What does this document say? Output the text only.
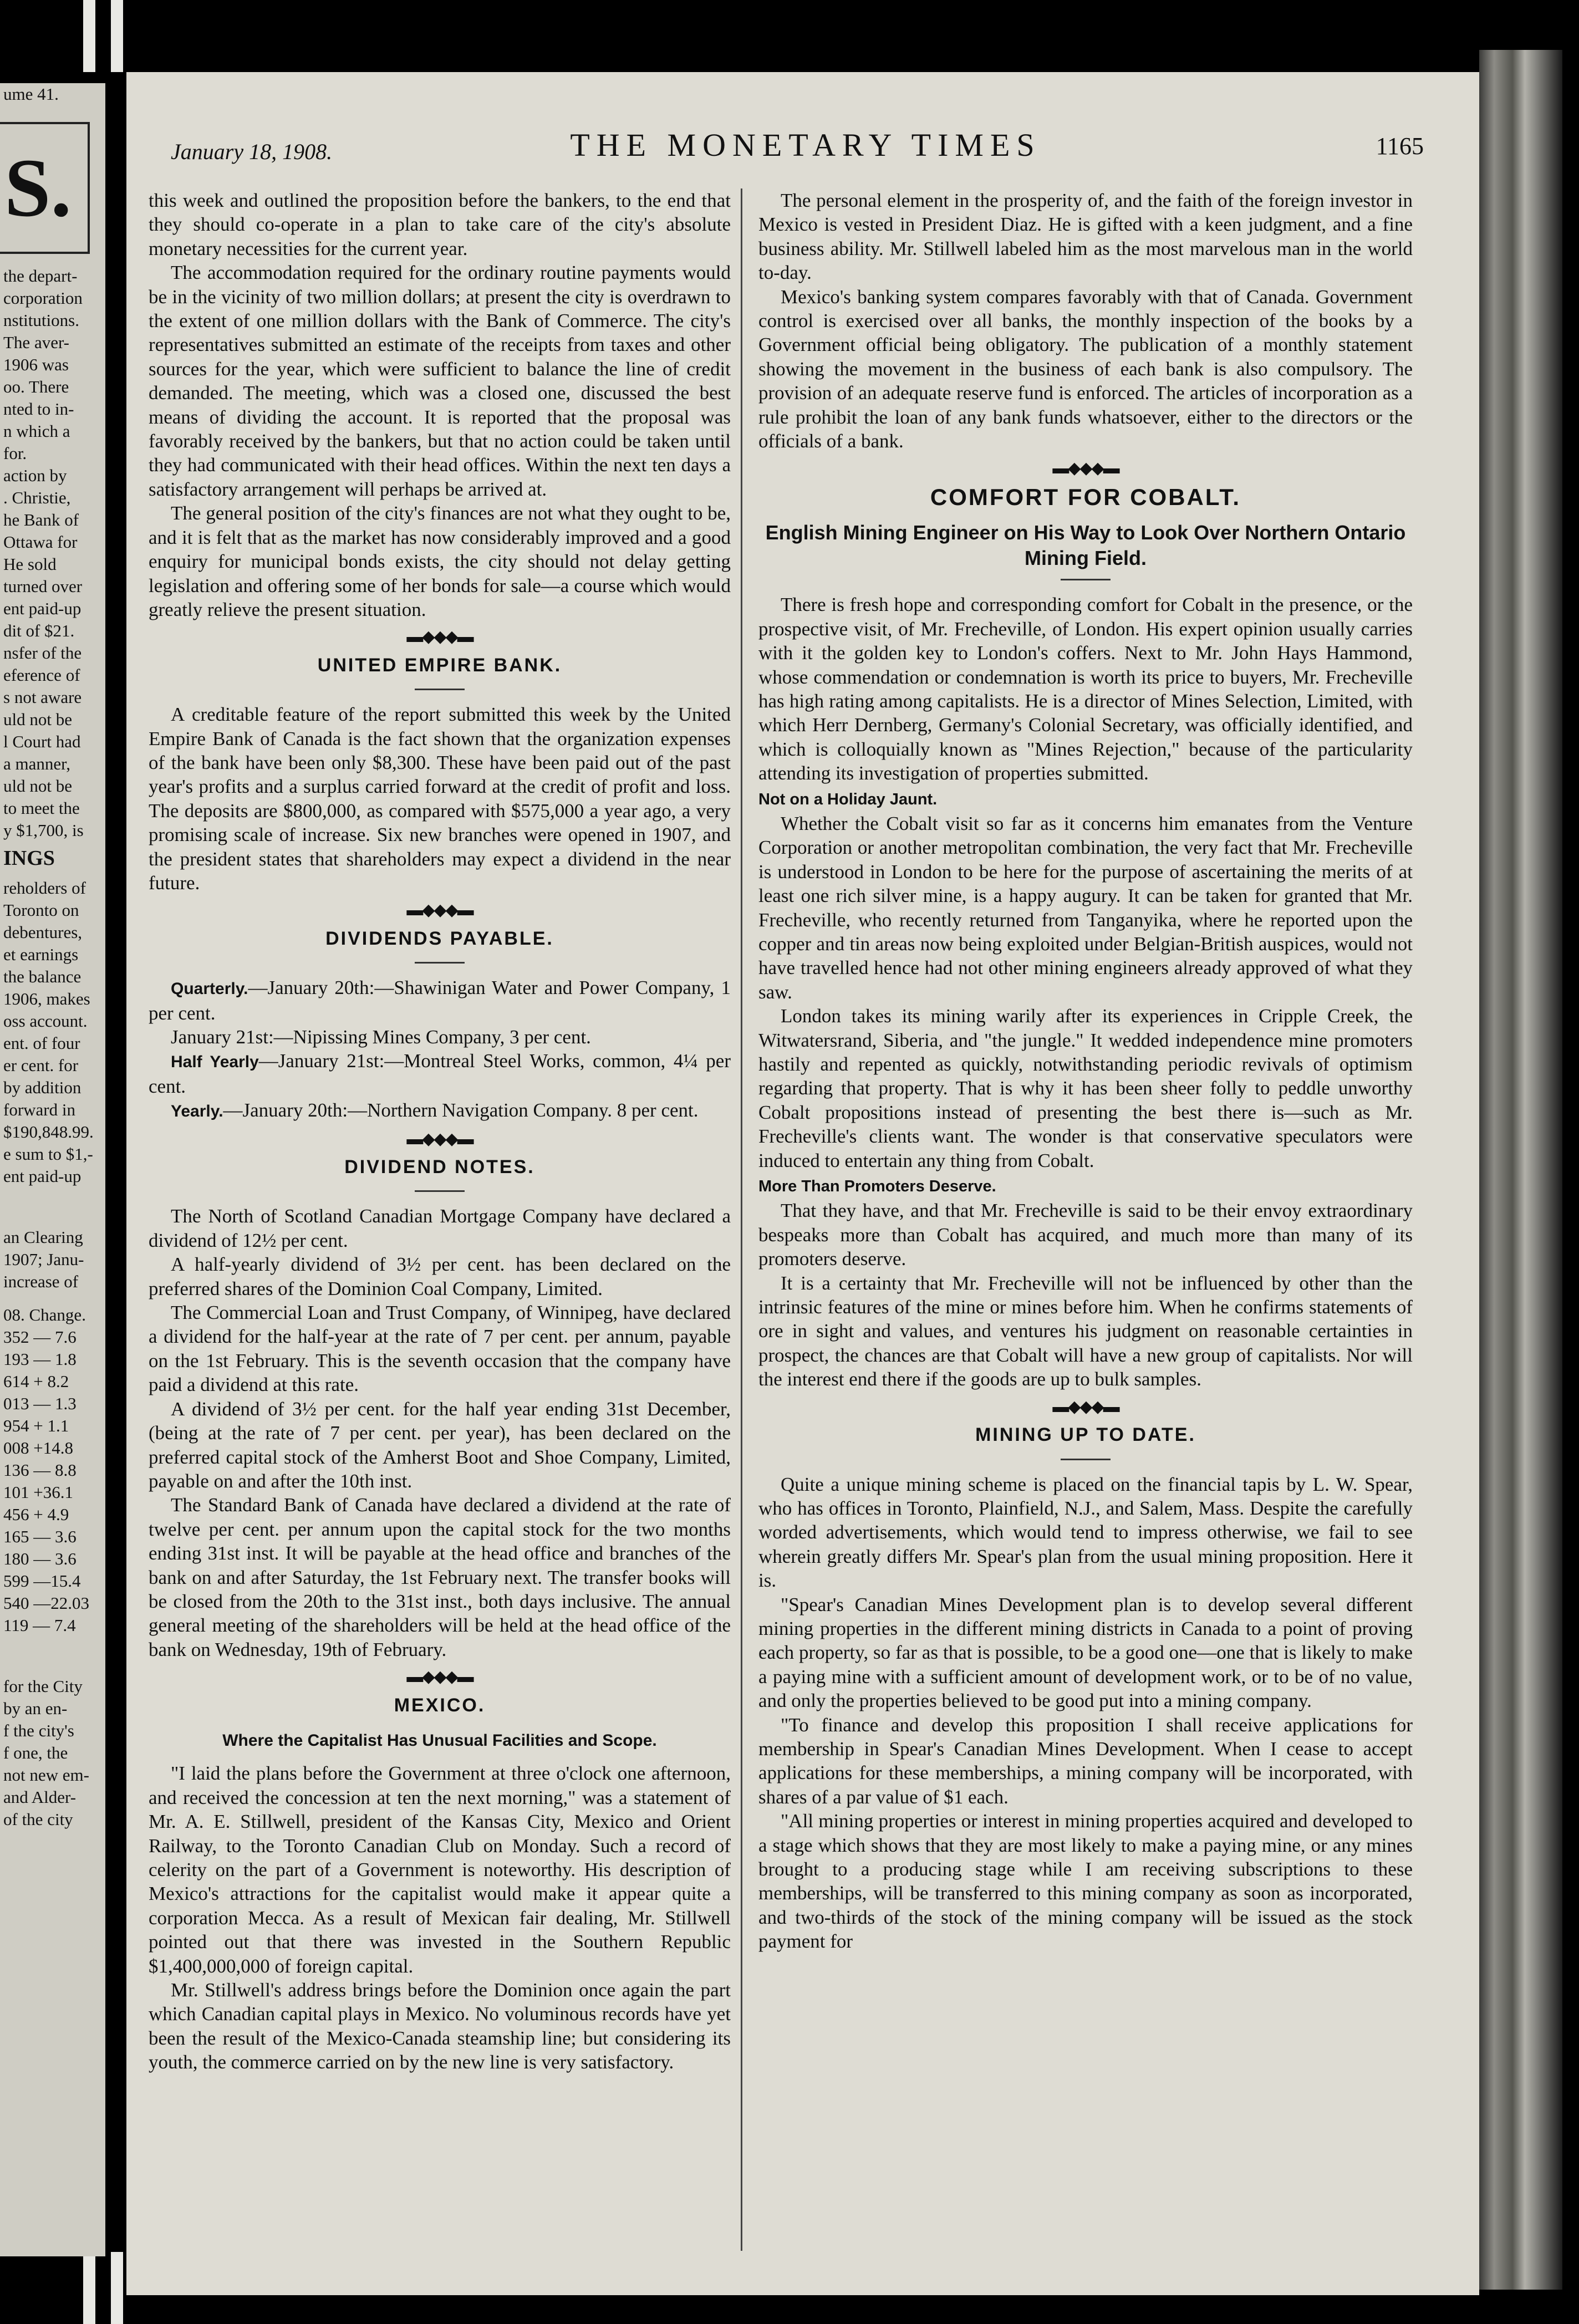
ume 41.
S.
the depart-
corporation
nstitutions.
The aver-
1906 was
oo. There
nted to in-
n which a
for.
action by
. Christie,
he Bank of
Ottawa for
He sold
turned over
ent paid-up
dit of $21.
nsfer of the
eference of
s not aware
uld not be
l Court had
a manner,
uld not be
to meet the
y $1,700, is
INGS
reholders of
Toronto on
debentures,
et earnings
the balance
1906, makes
oss account.
ent. of four
er cent. for
by addition
forward in
$190,848.99.
e sum to $1,-
ent paid-up
an Clearing
1907; Janu-
increase of
08. Change.
352 — 7.6
193 — 1.8
614 + 8.2
013 — 1.3
954 + 1.1
008 +14.8
136 — 8.8
101 +36.1
456 + 4.9
165 — 3.6
180 — 3.6
599 —15.4
540 —22.03
119 — 7.4
for the City
by an en-
f the city's
f one, the
not new em-
and Alder-
of the city
January 18, 1908.	THE MONETARY TIMES	1165

this week and outlined the proposition before the bankers, to the end that they should co-operate in a plan to take care of the city's absolute monetary necessities for the current year.

The accommodation required for the ordinary routine payments would be in the vicinity of two million dollars; at present the city is overdrawn to the extent of one million dollars with the Bank of Commerce. The city's representatives submitted an estimate of the receipts from taxes and other sources for the year, which were sufficient to balance the line of credit demanded. The meeting, which was a closed one, discussed the best means of dividing the account. It is reported that the proposal was favorably received by the bankers, but that no action could be taken until they had communicated with their head offices. Within the next ten days a satisfactory arrangement will perhaps be arrived at.

The general position of the city's finances are not what they ought to be, and it is felt that as the market has now considerably improved and a good enquiry for municipal bonds exists, the city should not delay getting legislation and offering some of her bonds for sale—a course which would greatly relieve the present situation.

▬◆◆◆▬
UNITED EMPIRE BANK.

A creditable feature of the report submitted this week by the United Empire Bank of Canada is the fact shown that the organization expenses of the bank have been only $8,300. These have been paid out of the past year's profits and a surplus carried forward at the credit of profit and loss. The deposits are $800,000, as compared with $575,000 a year ago, a very promising scale of increase. Six new branches were opened in 1907, and the president states that shareholders may expect a dividend in the near future.

▬◆◆◆▬
DIVIDENDS PAYABLE.

Quarterly.—January 20th:—Shawinigan Water and Power Company, 1 per cent.

January 21st:—Nipissing Mines Company, 3 per cent.

Half Yearly—January 21st:—Montreal Steel Works, common, 4¼ per cent.

Yearly.—January 20th:—Northern Navigation Company. 8 per cent.

▬◆◆◆▬
DIVIDEND NOTES.

The North of Scotland Canadian Mortgage Company have declared a dividend of 12½ per cent.

A half-yearly dividend of 3½ per cent. has been declared on the preferred shares of the Dominion Coal Company, Limited.

The Commercial Loan and Trust Company, of Winnipeg, have declared a dividend for the half-year at the rate of 7 per cent. per annum, payable on the 1st February. This is the seventh occasion that the company have paid a dividend at this rate.

A dividend of 3½ per cent. for the half year ending 31st December, (being at the rate of 7 per cent. per year), has been declared on the preferred capital stock of the Amherst Boot and Shoe Company, Limited, payable on and after the 10th inst.

The Standard Bank of Canada have declared a dividend at the rate of twelve per cent. per annum upon the capital stock for the two months ending 31st inst. It will be payable at the head office and branches of the bank on and after Saturday, the 1st February next. The transfer books will be closed from the 20th to the 31st inst., both days inclusive. The annual general meeting of the shareholders will be held at the head office of the bank on Wednesday, 19th of February.

▬◆◆◆▬
MEXICO.
Where the Capitalist Has Unusual Facilities and Scope.

"I laid the plans before the Government at three o'clock one afternoon, and received the concession at ten the next morning," was a statement of Mr. A. E. Stillwell, president of the Kansas City, Mexico and Orient Railway, to the Toronto Canadian Club on Monday. Such a record of celerity on the part of a Government is noteworthy. His description of Mexico's attractions for the capitalist would make it appear quite a corporation Mecca. As a result of Mexican fair dealing, Mr. Stillwell pointed out that there was invested in the Southern Republic $1,400,000,000 of foreign capital.

Mr. Stillwell's address brings before the Dominion once again the part which Canadian capital plays in Mexico. No voluminous records have yet been the result of the Mexico-Canada steamship line; but considering its youth, the commerce carried on by the new line is very satisfactory.

The personal element in the prosperity of, and the faith of the foreign investor in Mexico is vested in President Diaz. He is gifted with a keen judgment, and a fine business ability. Mr. Stillwell labeled him as the most marvelous man in the world to-day.

Mexico's banking system compares favorably with that of Canada. Government control is exercised over all banks, the monthly inspection of the books by a Government official being obligatory. The publication of a monthly statement showing the movement in the business of each bank is also compulsory. The provision of an adequate reserve fund is enforced. The articles of incorporation as a rule prohibit the loan of any bank funds whatsoever, either to the directors or the officials of a bank.

▬◆◆◆▬
COMFORT FOR COBALT.
English Mining Engineer on His Way to Look Over Northern Ontario Mining Field.

There is fresh hope and corresponding comfort for Cobalt in the presence, or the prospective visit, of Mr. Frecheville, of London. His expert opinion usually carries with it the golden key to London's coffers. Next to Mr. John Hays Hammond, whose commendation or condemnation is worth its price to buyers, Mr. Frecheville has high rating among capitalists. He is a director of Mines Selection, Limited, with which Herr Dernberg, Germany's Colonial Secretary, was officially identified, and which is colloquially known as "Mines Rejection," because of the particularity attending its investigation of properties submitted.

Not on a Holiday Jaunt.

Whether the Cobalt visit so far as it concerns him emanates from the Venture Corporation or another metropolitan combination, the very fact that Mr. Frecheville is understood in London to be here for the purpose of ascertaining the merits of at least one rich silver mine, is a happy augury. It can be taken for granted that Mr. Frecheville, who recently returned from Tanganyika, where he reported upon the copper and tin areas now being exploited under Belgian-British auspices, would not have travelled hence had not other mining engineers already approved of what they saw.

London takes its mining warily after its experiences in Cripple Creek, the Witwatersrand, Siberia, and "the jungle." It wedded independence mine promoters hastily and repented as quickly, notwithstanding periodic revivals of optimism regarding that property. That is why it has been sheer folly to peddle unworthy Cobalt propositions instead of presenting the best there is—such as Mr. Frecheville's clients want. The wonder is that conservative speculators were induced to entertain any thing from Cobalt.

More Than Promoters Deserve.

That they have, and that Mr. Frecheville is said to be their envoy extraordinary bespeaks more than Cobalt has acquired, and much more than many of its promoters deserve.

It is a certainty that Mr. Frecheville will not be influenced by other than the intrinsic features of the mine or mines before him. When he confirms statements of ore in sight and values, and ventures his judgment on reasonable certainties in prospect, the chances are that Cobalt will have a new group of capitalists. Nor will the interest end there if the goods are up to bulk samples.

▬◆◆◆▬
MINING UP TO DATE.

Quite a unique mining scheme is placed on the financial tapis by L. W. Spear, who has offices in Toronto, Plainfield, N.J., and Salem, Mass. Despite the carefully worded advertisements, which would tend to impress otherwise, we fail to see wherein greatly differs Mr. Spear's plan from the usual mining proposition. Here it is.

"Spear's Canadian Mines Development plan is to develop several different mining properties in the different mining districts in Canada to a point of proving each property, so far as that is possible, to be a good one—one that is likely to make a paying mine with a sufficient amount of development work, or to be of no value, and only the properties believed to be good put into a mining company.

"To finance and develop this proposition I shall receive applications for membership in Spear's Canadian Mines Development. When I cease to accept applications for these memberships, a mining company will be incorporated, with shares of a par value of $1 each.

"All mining properties or interest in mining properties acquired and developed to a stage which shows that they are most likely to make a paying mine, or any mines brought to a producing stage while I am receiving subscriptions to these memberships, will be transferred to this mining company as soon as incorporated, and two-thirds of the stock of the mining company will be issued as the stock payment for
